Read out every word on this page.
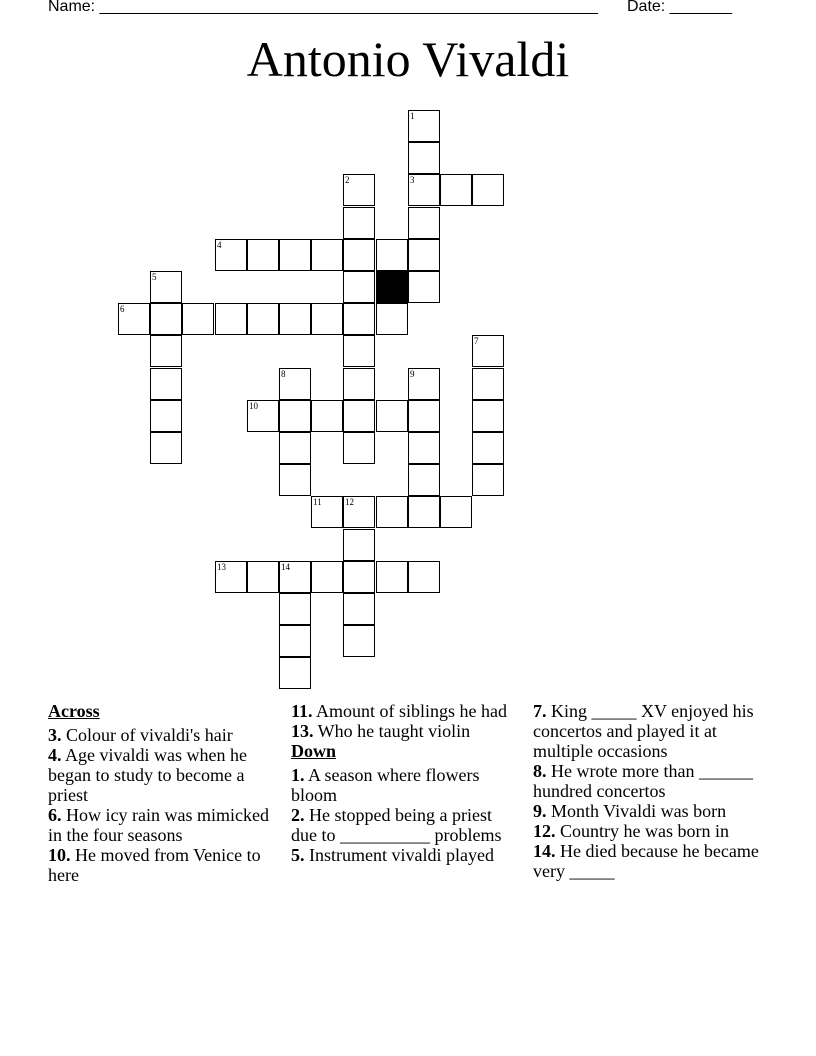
Name: ________________________________________________________ Date: _______
Antonio Vivaldi
1
2	3
4
5
6
7
8	9
10
11	12
13	14
Across
3. Colour of vivaldi's hair
4. Age vivaldi was when he began to study to become a priest
6. How icy rain was mimicked in the four seasons
10. He moved from Venice to here
11. Amount of siblings he had
13. Who he taught violin
Down
1. A season where flowers bloom
2. He stopped being a priest due to __________ problems
5. Instrument vivaldi played
7. King _____ XV enjoyed his concertos and played it at multiple occasions
8. He wrote more than ______ hundred concertos
9. Month Vivaldi was born
12. Country he was born in
14. He died because he became very _____
